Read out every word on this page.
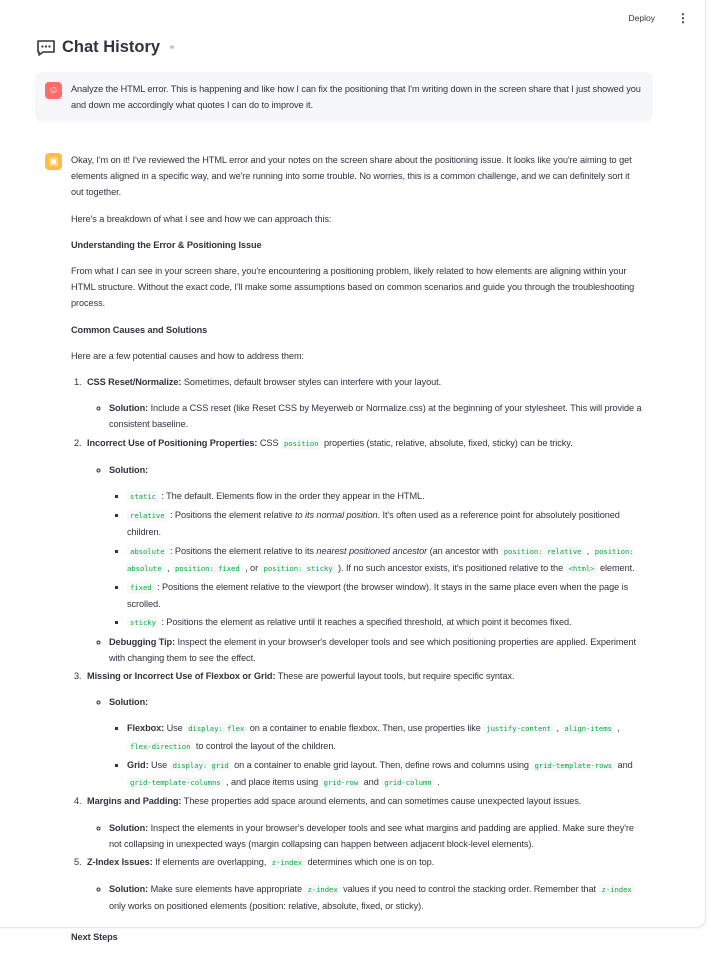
Deploy ⋮
Chat History ⚭
☺	Analyze the HTML error. This is happening and like how I can fix the positioning that I'm writing down in the screen share that I just showed you and down me accordingly what quotes I can do to improve it.
▣	Okay, I'm on it! I've reviewed the HTML error and your notes on the screen share about the positioning issue. It looks like you're aiming to get elements aligned in a specific way, and we're running into some trouble. No worries, this is a common challenge, and we can definitely sort it out together.

Here's a breakdown of what I see and how we can approach this:

Understanding the Error & Positioning Issue

From what I can see in your screen share, you're encountering a positioning problem, likely related to how elements are aligning within your HTML structure. Without the exact code, I'll make some assumptions based on common scenarios and guide you through the troubleshooting process.

Common Causes and Solutions

Here are a few potential causes and how to address them:

1. CSS Reset/Normalize: Sometimes, default browser styles can interfere with your layout.
◦ Solution: Include a CSS reset (like Reset CSS by Meyerweb or Normalize.css) at the beginning of your stylesheet. This will provide a consistent baseline.
2. Incorrect Use of Positioning Properties: CSS position properties (static, relative, absolute, fixed, sticky) can be tricky.
◦ Solution:
▪ static : The default. Elements flow in the order they appear in the HTML.
▪ relative : Positions the element relative to its normal position. It's often used as a reference point for absolutely positioned children.
▪ absolute : Positions the element relative to its nearest positioned ancestor (an ancestor with position: relative , position: absolute , position: fixed , or position: sticky ). If no such ancestor exists, it's positioned relative to the <html> element.
▪ fixed : Positions the element relative to the viewport (the browser window). It stays in the same place even when the page is scrolled.
▪ sticky : Positions the element as relative until it reaches a specified threshold, at which point it becomes fixed.
◦ Debugging Tip: Inspect the element in your browser's developer tools and see which positioning properties are applied. Experiment with changing them to see the effect.
3. Missing or Incorrect Use of Flexbox or Grid: These are powerful layout tools, but require specific syntax.
◦ Solution:
▪ Flexbox: Use display: flex on a container to enable flexbox. Then, use properties like justify-content , align-items , flex-direction to control the layout of the children.
▪ Grid: Use display: grid on a container to enable grid layout. Then, define rows and columns using grid-template-rows and grid-template-columns , and place items using grid-row and grid-column .
4. Margins and Padding: These properties add space around elements, and can sometimes cause unexpected layout issues.
◦ Solution: Inspect the elements in your browser's developer tools and see what margins and padding are applied. Make sure they're not collapsing in unexpected ways (margin collapsing can happen between adjacent block-level elements).
5. Z-Index Issues: If elements are overlapping, z-index determines which one is on top.
◦ Solution: Make sure elements have appropriate z-index values if you need to control the stacking order. Remember that z-index only works on positioned elements (position: relative, absolute, fixed, or sticky).

Next Steps
